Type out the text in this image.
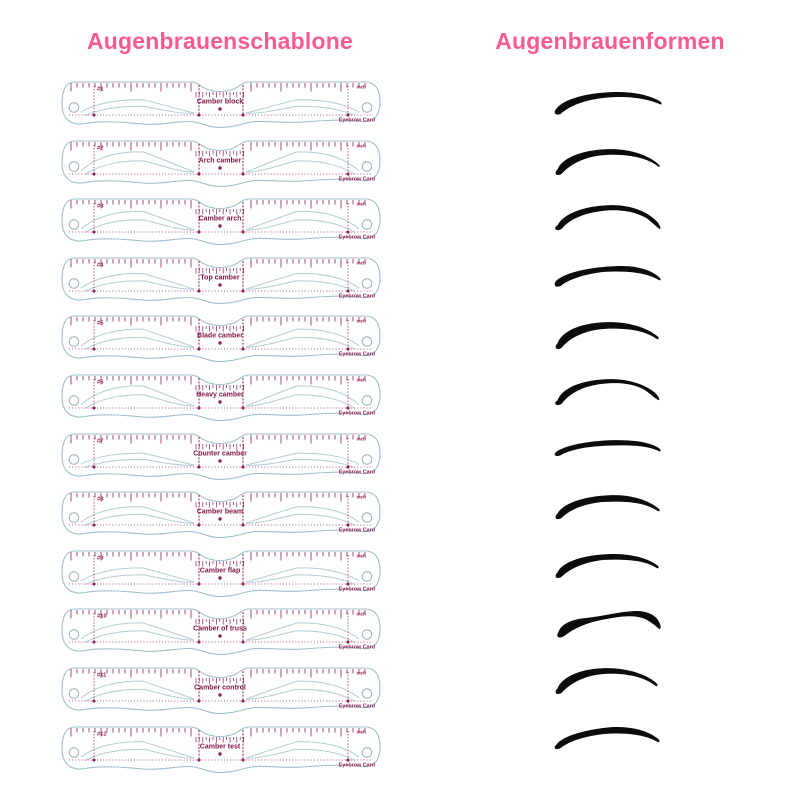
Augenbrauenschablone	Augenbrauenformen
#1
Camber block
inch
Eyebrow Card
#2
Arch camber
inch
Eyebrow Card
#3
Camber arch
inch
Eyebrow Card
#4
Top camber
inch
Eyebrow Card
#5
Blade camber
inch
Eyebrow Card
#6
Heavy camber
inch
Eyebrow Card
#7
Counter camber
inch
Eyebrow Card
#8
Camber beam
inch
Eyebrow Card
#9
Camber flap
inch
Eyebrow Card
#10
Camber of truss
inch
Eyebrow Card
#11
Camber control
inch
Eyebrow Card
#12
Camber test
inch
Eyebrow Card
